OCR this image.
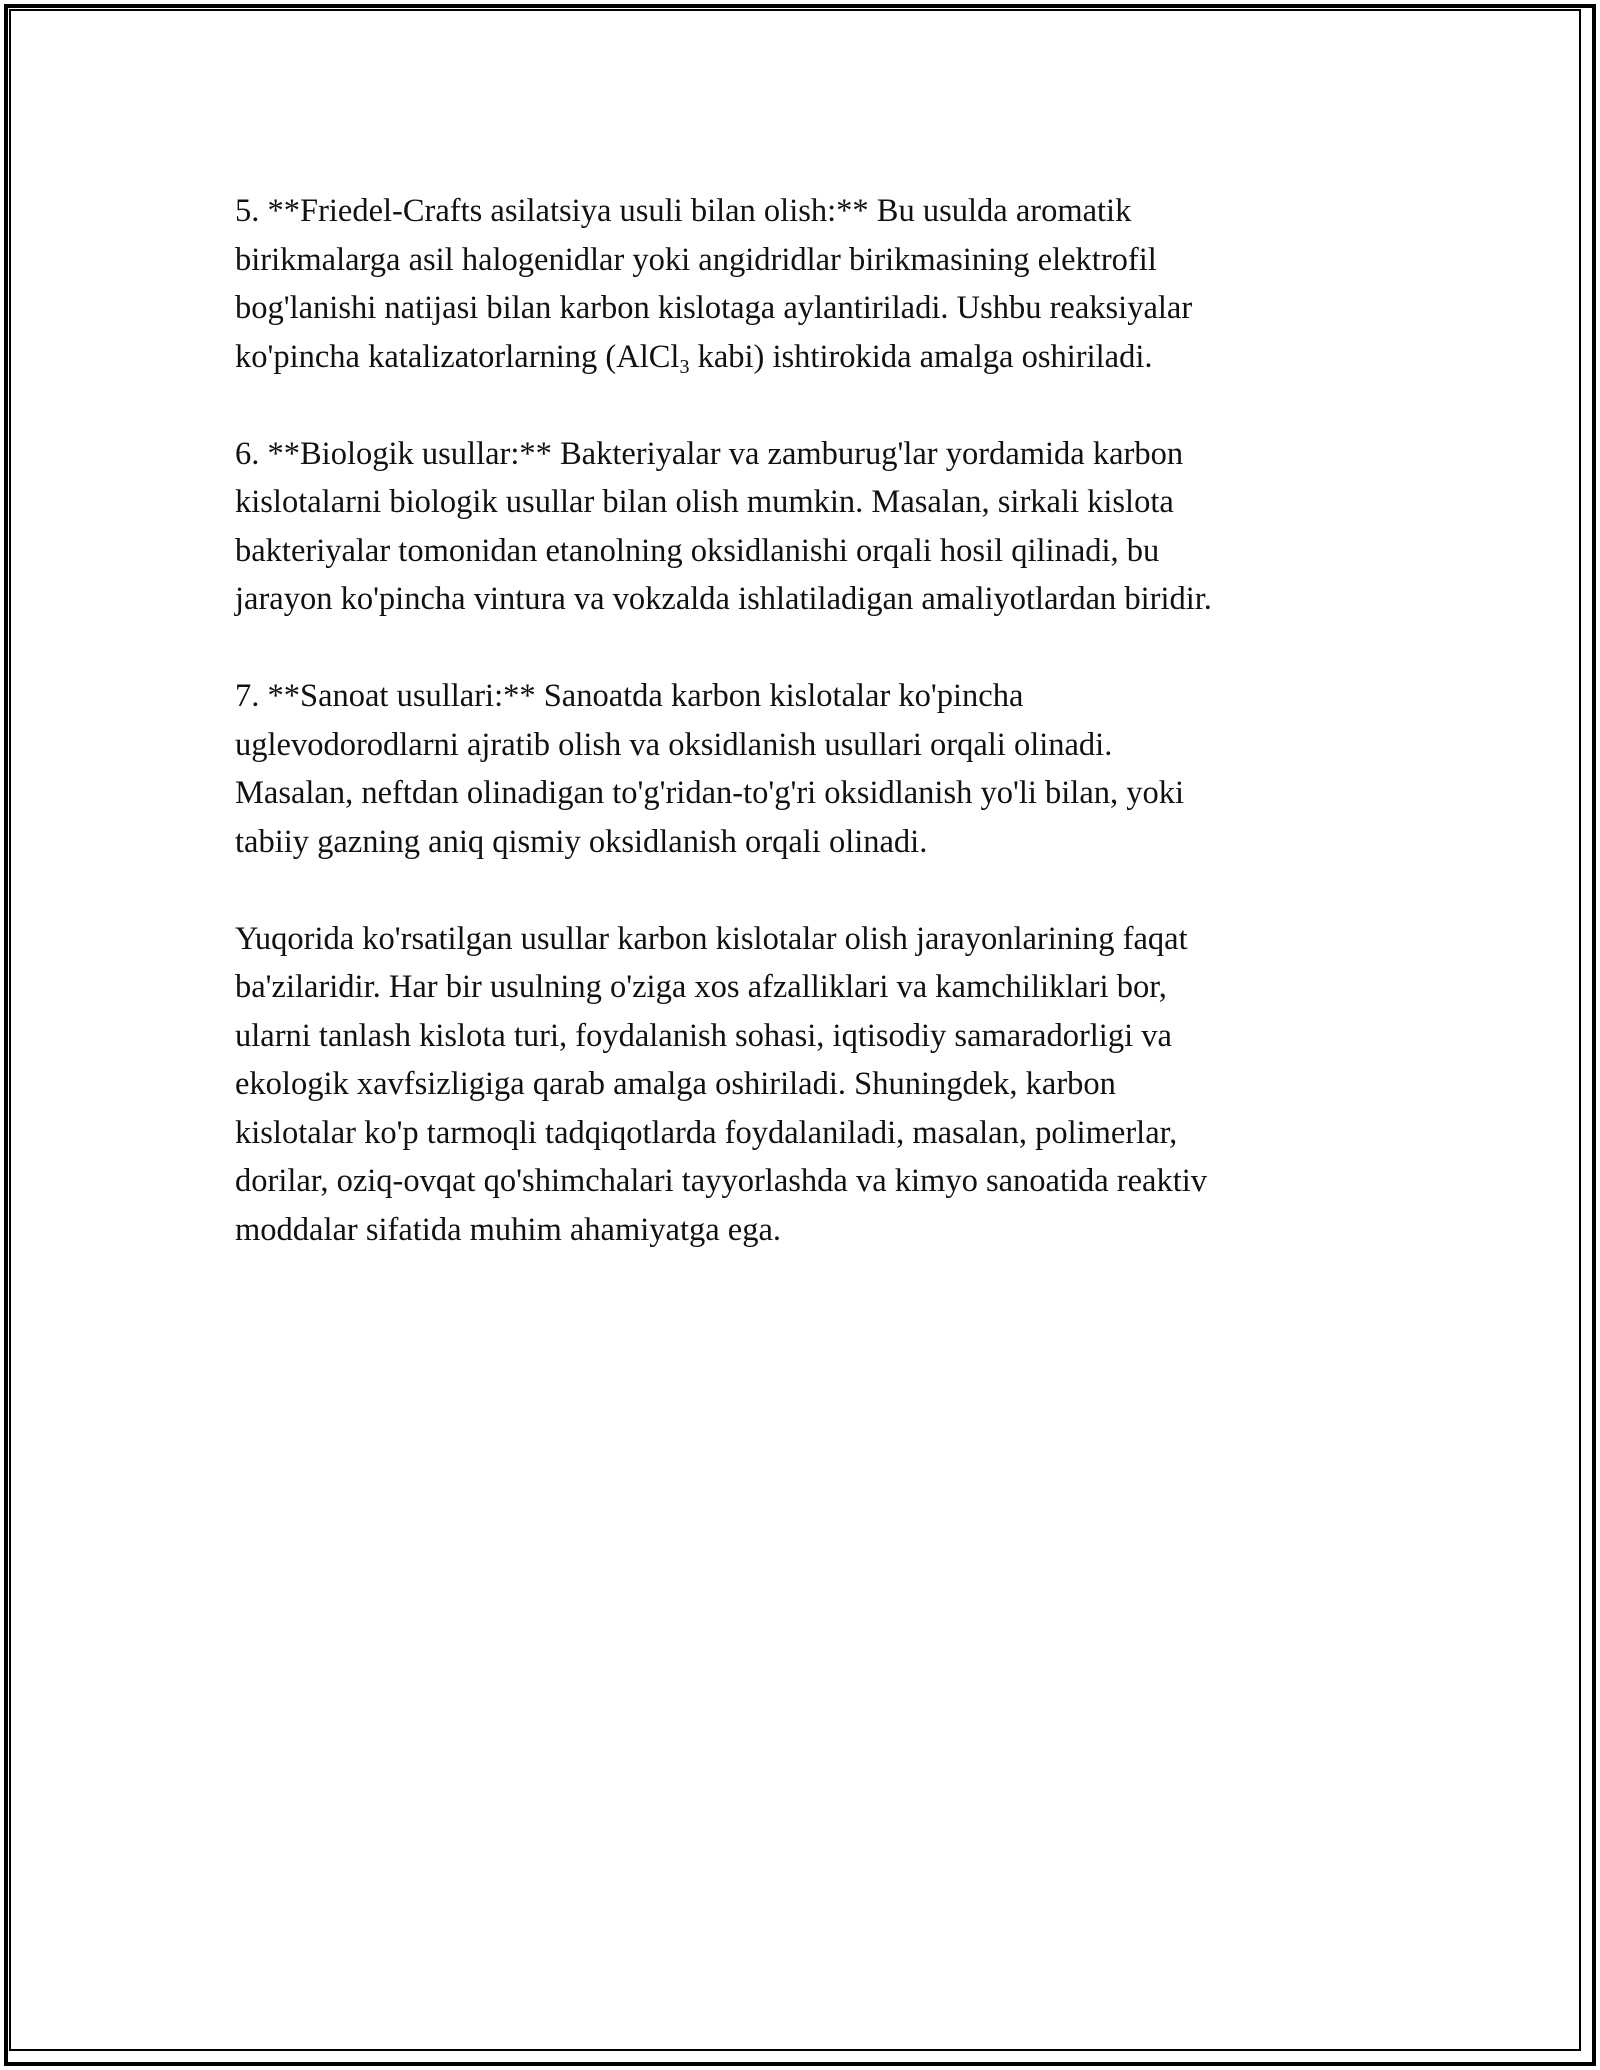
5. **Friedel-Crafts asilatsiya usuli bilan olish:** Bu usulda aromatik
birikmalarga asil halogenidlar yoki angidridlar birikmasining elektrofil
bog'lanishi natijasi bilan karbon kislotaga aylantiriladi. Ushbu reaksiyalar
ko'pincha katalizatorlarning (AlCl$_3$ kabi) ishtirokida amalga oshiriladi.

6. **Biologik usullar:** Bakteriyalar va zamburug'lar yordamida karbon
kislotalarni biologik usullar bilan olish mumkin. Masalan, sirkali kislota
bakteriyalar tomonidan etanolning oksidlanishi orqali hosil qilinadi, bu
jarayon ko'pincha vintura va vokzalda ishlatiladigan amaliyotlardan biridir.

7. **Sanoat usullari:** Sanoatda karbon kislotalar ko'pincha
uglevodorodlarni ajratib olish va oksidlanish usullari orqali olinadi.
Masalan, neftdan olinadigan to'g'ridan-to'g'ri oksidlanish yo'li bilan, yoki
tabiiy gazning aniq qismiy oksidlanish orqali olinadi.

Yuqorida ko'rsatilgan usullar karbon kislotalar olish jarayonlarining faqat
ba'zilaridir. Har bir usulning o'ziga xos afzalliklari va kamchiliklari bor,
ularni tanlash kislota turi, foydalanish sohasi, iqtisodiy samaradorligi va
ekologik xavfsizligiga qarab amalga oshiriladi. Shuningdek, karbon
kislotalar ko'p tarmoqli tadqiqotlarda foydalaniladi, masalan, polimerlar,
dorilar, oziq-ovqat qo'shimchalari tayyorlashda va kimyo sanoatida reaktiv
moddalar sifatida muhim ahamiyatga ega.
